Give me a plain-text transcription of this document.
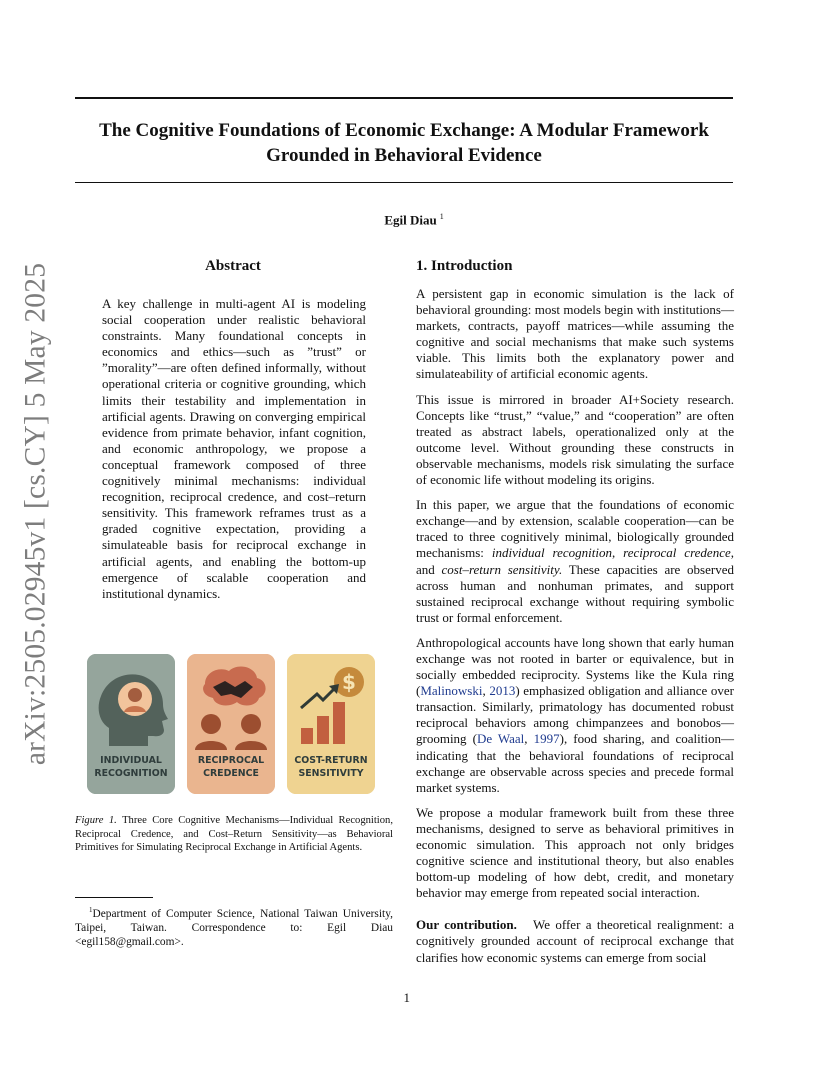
The Cognitive Foundations of Economic Exchange: A Modular Framework Grounded in Behavioral Evidence
Egil Diau $^1$
arXiv:2505.02945v1 [cs.CY] 5 May 2025	Abstract

A key challenge in multi-agent AI is modeling social cooperation under realistic behavioral constraints. Many foundational concepts in economics and ethics—such as ”trust” or ”morality”—are often defined informally, without operational criteria or cognitive grounding, which limits their testability and implementation in artificial agents. Drawing on converging empirical evidence from primate behavior, infant cognition, and economic anthropology, we propose a conceptual framework composed of three cognitively minimal mechanisms: individual recognition, reciprocal credence, and cost–return sensitivity. This framework reframes trust as a graded cognitive expectation, providing a simulateable basis for reciprocal exchange in artificial agents, and enabling the bottom-up emergence of scalable cooperation and institutional dynamics.

INDIVIDUAL
RECOGNITION
RECIPROCAL
CREDENCE
$
COST-RETURN
SENSITIVITY
Figure 1. Three Core Cognitive Mechanisms—Individual Recognition, Reciprocal Credence, and Cost–Return Sensitivity—as Behavioral Primitives for Simulating Reciprocal Exchange in Artificial Agents.
$^1$Department of Computer Science, National Taiwan University, Taipei, Taiwan. Correspondence to: Egil Diau <egil158@gmail.com>.
1. Introduction

A persistent gap in economic simulation is the lack of behavioral grounding: most models begin with institutions—markets, contracts, payoff matrices—while assuming the cognitive and social mechanisms that make such systems viable. This limits both the explanatory power and simulateability of artificial economic agents.

This issue is mirrored in broader AI+Society research. Concepts like “trust,” “value,” and “cooperation” are often treated as abstract labels, operationalized only at the outcome level. Without grounding these constructs in observable mechanisms, models risk simulating the surface of economic life without modeling its origins.

In this paper, we argue that the foundations of economic exchange—and by extension, scalable cooperation—can be traced to three cognitively minimal, biologically grounded mechanisms: individual recognition, reciprocal credence, and cost–return sensitivity. These capacities are observed across human and nonhuman primates, and support sustained reciprocal exchange without requiring symbolic trust or formal enforcement.

Anthropological accounts have long shown that early human exchange was not rooted in barter or equivalence, but in socially embedded reciprocity. Systems like the Kula ring (Malinowski, 2013) emphasized obligation and alliance over transaction. Similarly, primatology has documented robust reciprocal behaviors among chimpanzees and bonobos—grooming (De Waal, 1997), food sharing, and coalition—indicating that the behavioral foundations of reciprocal exchange are observable across species and precede formal market systems.

We propose a modular framework built from these three mechanisms, designed to serve as behavioral primitives in economic simulation. This approach not only bridges cognitive science and institutional theory, but also enables bottom-up modeling of how debt, credit, and monetary behavior may emerge from repeated social interaction.

Our contribution. We offer a theoretical realignment: a cognitively grounded account of reciprocal exchange that clarifies how economic systems can emerge from social

1
